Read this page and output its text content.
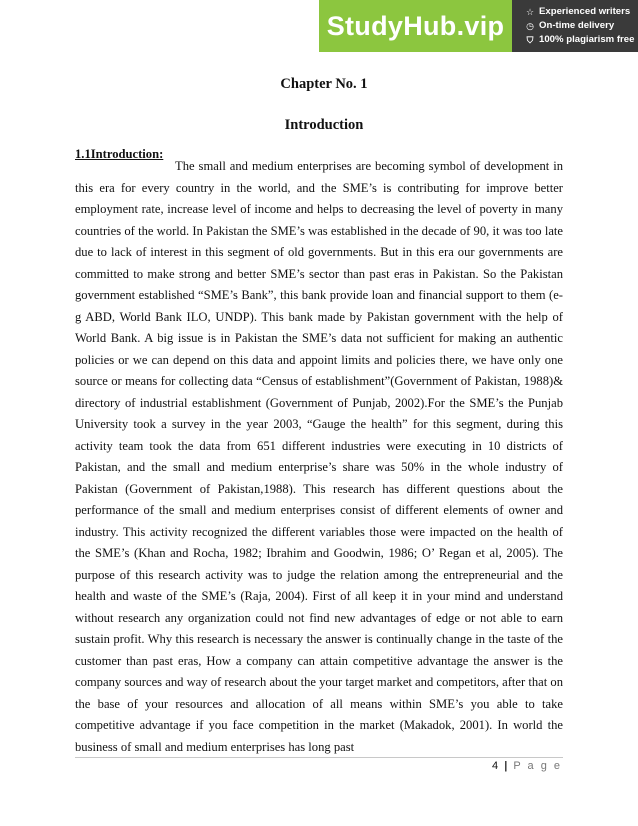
StudyHub.vip ☆ Experienced writers
◷ On-time delivery
⛉ 100% plagiarism free
Chapter No. 1
Introduction
1.1Introduction:

The small and medium enterprises are becoming symbol of development in this era for every country in the world, and the SME’s is contributing for improve better employment rate, increase level of income and helps to decreasing the level of poverty in many countries of the world. In Pakistan the SME’s was established in the decade of 90, it was too late due to lack of interest in this segment of old governments. But in this era our governments are committed to make strong and better SME’s sector than past eras in Pakistan. So the Pakistan government established “SME’s Bank”, this bank provide loan and financial support to them (e-g ABD, World Bank ILO, UNDP). This bank made by Pakistan government with the help of World Bank. A big issue is in Pakistan the SME’s data not sufficient for making an authentic policies or we can depend on this data and appoint limits and policies there, we have only one source or means for collecting data “Census of establishment”(Government of Pakistan, 1988)& directory of industrial establishment (Government of Punjab, 2002).For the SME’s the Punjab University took a survey in the year 2003, “Gauge the health” for this segment, during this activity team took the data from 651 different industries were executing in 10 districts of Pakistan, and the small and medium enterprise’s share was 50% in the whole industry of Pakistan (Government of Pakistan,1988). This research has different questions about the performance of the small and medium enterprises consist of different elements of owner and industry. This activity recognized the different variables those were impacted on the health of the SME’s (Khan and Rocha, 1982; Ibrahim and Goodwin, 1986; O’ Regan et al, 2005). The purpose of this research activity was to judge the relation among the entrepreneurial and the health and waste of the SME’s (Raja, 2004). First of all keep it in your mind and understand without research any organization could not find new advantages of edge or not able to earn sustain profit. Why this research is necessary the answer is continually change in the taste of the customer than past eras, How a company can attain competitive advantage the answer is the company sources and way of research about the your target market and competitors, after that on the base of your resources and allocation of all means within SME’s you able to take competitive advantage if you face competition in the market (Makadok, 2001). In world the business of small and medium enterprises has long past

4 | P a g e
